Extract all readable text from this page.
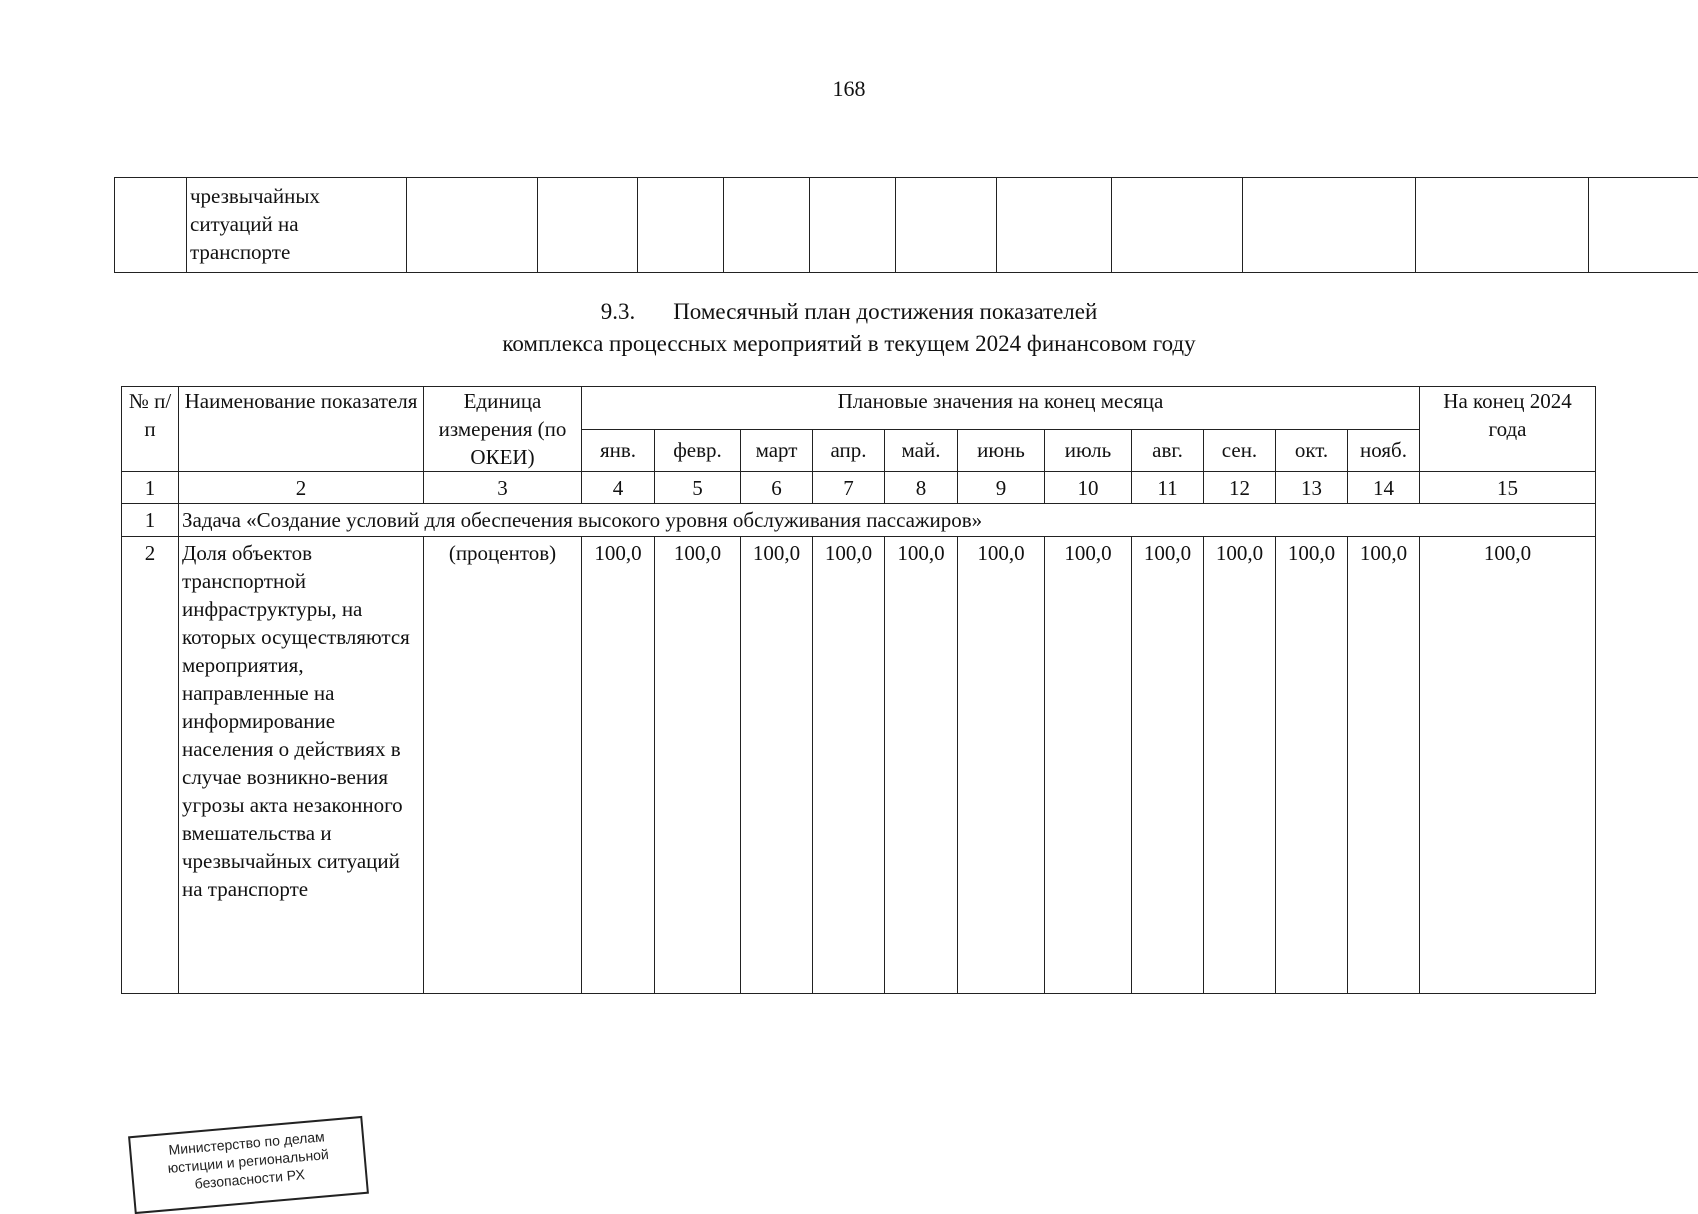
168

чрезвычайных
ситуаций на
транспорте

9.3. Помесячный план достижения показателей
комплекса процессных мероприятий в текущем 2024 финансовом году
№ п/п	Наименование показателя	Единица измерения (по ОКЕИ)	Плановые значения на конец месяца											На конец 2024 года
			янв.	февр.	март	апр.	май.	июнь	июль	авг.	сен.	окт.	нояб.	
1	2	3	4	5	6	7	8	9	10	11	12	13	14	15
1	Задача «Создание условий для обеспечения высокого уровня обслуживания пассажиров»													
2	Доля объектов транспортной инфраструктуры, на которых осуществляются мероприятия, направленные на информирование населения о действиях в случае возникно-вения угрозы акта незаконного вмешательства и чрезвычайных ситуаций на транспорте	(процентов)	100,0	100,0	100,0	100,0	100,0	100,0	100,0	100,0	100,0	100,0	100,0	100,0
Министерство по делам юстиции и региональной безопасности РХ
